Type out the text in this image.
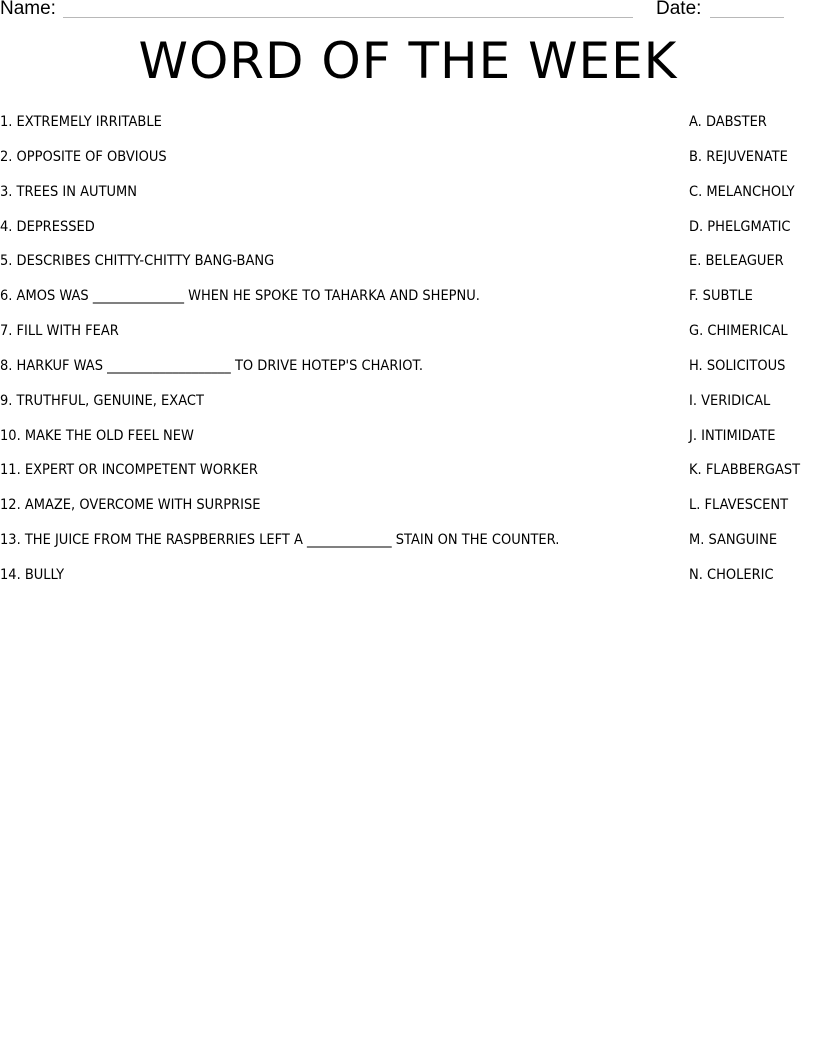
Name:	Date:
WORD OF THE WEEK
1. EXTREMELY IRRITABLE
2. OPPOSITE OF OBVIOUS
3. TREES IN AUTUMN
4. DEPRESSED
5. DESCRIBES CHITTY-CHITTY BANG-BANG
6. AMOS WAS ______________ WHEN HE SPOKE TO TAHARKA AND SHEPNU.
7. FILL WITH FEAR
8. HARKUF WAS ___________________ TO DRIVE HOTEP'S CHARIOT.
9. TRUTHFUL, GENUINE, EXACT
10. MAKE THE OLD FEEL NEW
11. EXPERT OR INCOMPETENT WORKER
12. AMAZE, OVERCOME WITH SURPRISE
13. THE JUICE FROM THE RASPBERRIES LEFT A _____________ STAIN ON THE COUNTER.
14. BULLY
A. DABSTER
B. REJUVENATE
C. MELANCHOLY
D. PHELGMATIC
E. BELEAGUER
F. SUBTLE
G. CHIMERICAL
H. SOLICITOUS
I. VERIDICAL
J. INTIMIDATE
K. FLABBERGAST
L. FLAVESCENT
M. SANGUINE
N. CHOLERIC
